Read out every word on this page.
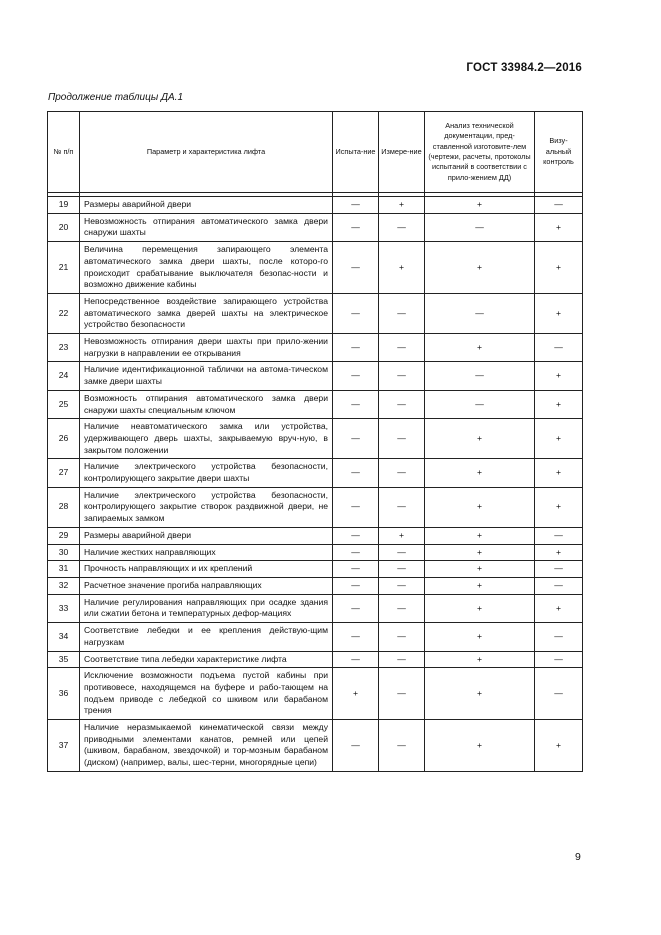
ГОСТ 33984.2—2016
Продолжение таблицы ДА.1
№ п/п	Параметр и характеристика лифта	Испыта-ние	Измере-ние	Анализ технической документации, пред-ставленной изготовите-лем (чертежи, расчеты, протоколы испытаний в соответствии с прило-жением ДД)	Визу-альный контроль

19	Размеры аварийной двери	—	+	+	—
20	Невозможность отпирания автоматического замка двери снаружи шахты	—	—	—	+
21	Величина перемещения запирающего элемента автоматического замка двери шахты, после которо-го происходит срабатывание выключателя безопас-ности и возможно движение кабины	—	+	+	+
22	Непосредственное воздействие запирающего устройства автоматического замка дверей шахты на электрическое устройство безопасности	—	—	—	+
23	Невозможность отпирания двери шахты при прило-жении нагрузки в направлении ее открывания	—	—	+	—
24	Наличие идентификационной таблички на автома-тическом замке двери шахты	—	—	—	+
25	Возможность отпирания автоматического замка двери снаружи шахты специальным ключом	—	—	—	+
26	Наличие неавтоматического замка или устройства, удерживающего дверь шахты, закрываемую вруч-ную, в закрытом положении	—	—	+	+
27	Наличие электрического устройства безопасности, контролирующего закрытие двери шахты	—	—	+	+
28	Наличие электрического устройства безопасности, контролирующего закрытие створок раздвижной двери, не запираемых замком	—	—	+	+
29	Размеры аварийной двери	—	+	+	—
30	Наличие жестких направляющих	—	—	+	+
31	Прочность направляющих и их креплений	—	—	+	—
32	Расчетное значение прогиба направляющих	—	—	+	—
33	Наличие регулирования направляющих при осадке здания или сжатии бетона и температурных дефор-мациях	—	—	+	+
34	Соответствие лебедки и ее крепления действую-щим нагрузкам	—	—	+	—
35	Соответствие типа лебедки характеристике лифта	—	—	+	—
36	Исключение возможности подъема пустой кабины при противовесе, находящемся на буфере и рабо-тающем на подъем приводе с лебедкой со шкивом или барабаном трения	+	—	+	—
37	Наличие неразмыкаемой кинематической связи между приводными элементами канатов, ремней или цепей (шкивом, барабаном, звездочкой) и тор-мозным барабаном (диском) (например, валы, шес-терни, многорядные цепи)	—	—	+	+
9
